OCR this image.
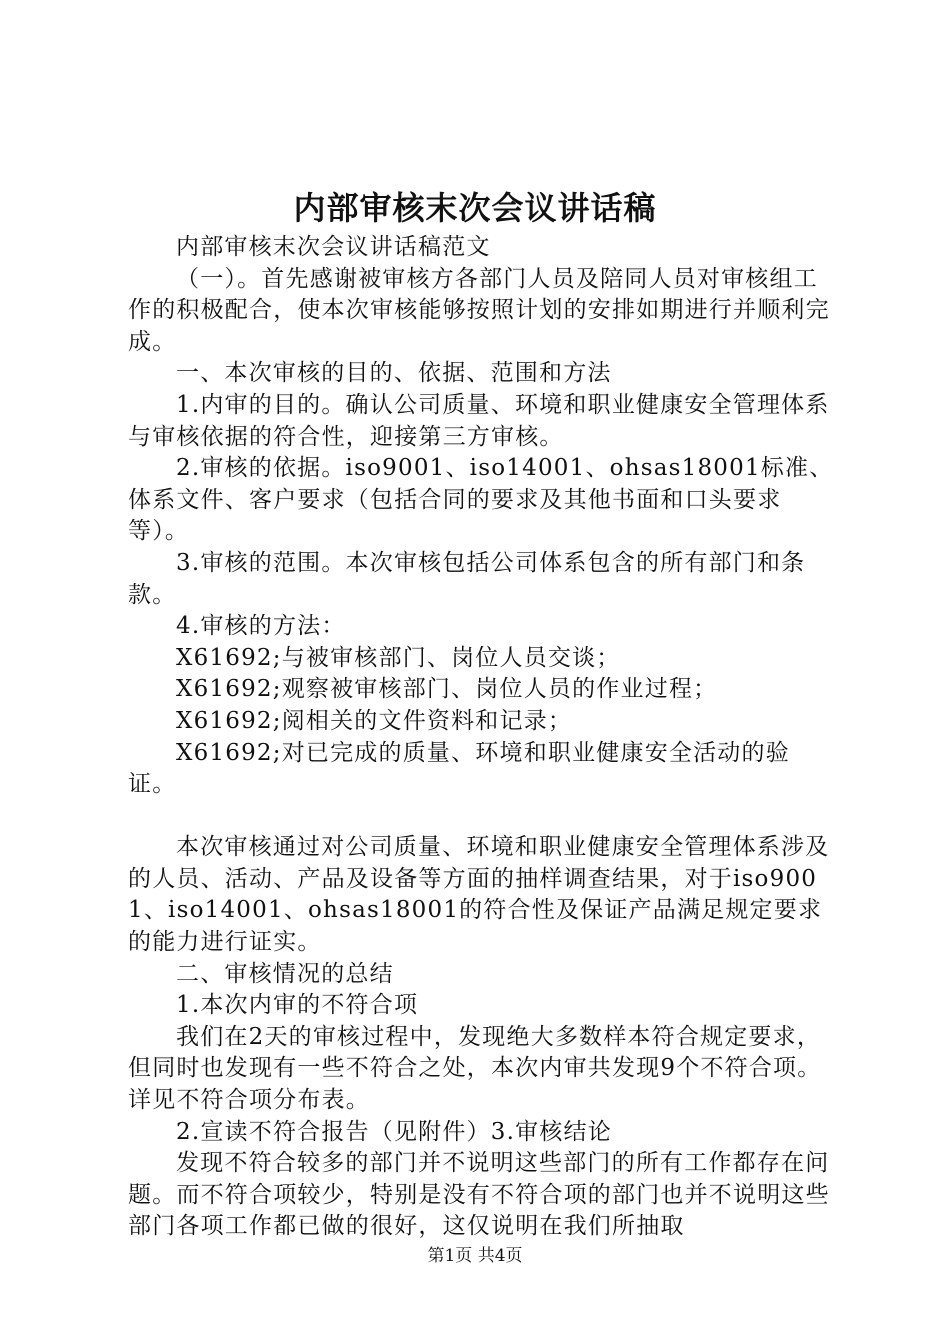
内部审核末次会议讲话稿

内部审核末次会议讲话稿范文

（一）。首先感谢被审核方各部门人员及陪同人员对审核组工作的积极配合，使本次审核能够按照计划的安排如期进行并顺利完成。

一、本次审核的目的、依据、范围和方法

1.内审的目的。确认公司质量、环境和职业健康安全管理体系与审核依据的符合性，迎接第三方审核。

2.审核的依据。iso9001、iso14001、ohsas18001标准、体系文件、客户要求（包括合同的要求及其他书面和口头要求等）。

3.审核的范围。本次审核包括公司体系包含的所有部门和条款。

4.审核的方法：

X61692;与被审核部门、岗位人员交谈；

X61692;观察被审核部门、岗位人员的作业过程；

X61692;阅相关的文件资料和记录；

X61692;对已完成的质量、环境和职业健康安全活动的验证。

本次审核通过对公司质量、环境和职业健康安全管理体系涉及的人员、活动、产品及设备等方面的抽样调查结果，对于iso9001、iso14001、ohsas18001的符合性及保证产品满足规定要求的能力进行证实。

二、审核情况的总结

1.本次内审的不符合项

我们在2天的审核过程中，发现绝大多数样本符合规定要求，但同时也发现有一些不符合之处，本次内审共发现9个不符合项。详见不符合项分布表。

2.宣读不符合报告（见附件）3.审核结论

发现不符合较多的部门并不说明这些部门的所有工作都存在问题。而不符合项较少，特别是没有不符合项的部门也并不说明这些部门各项工作都已做的很好，这仅说明在我们所抽取

第1页 共4页
